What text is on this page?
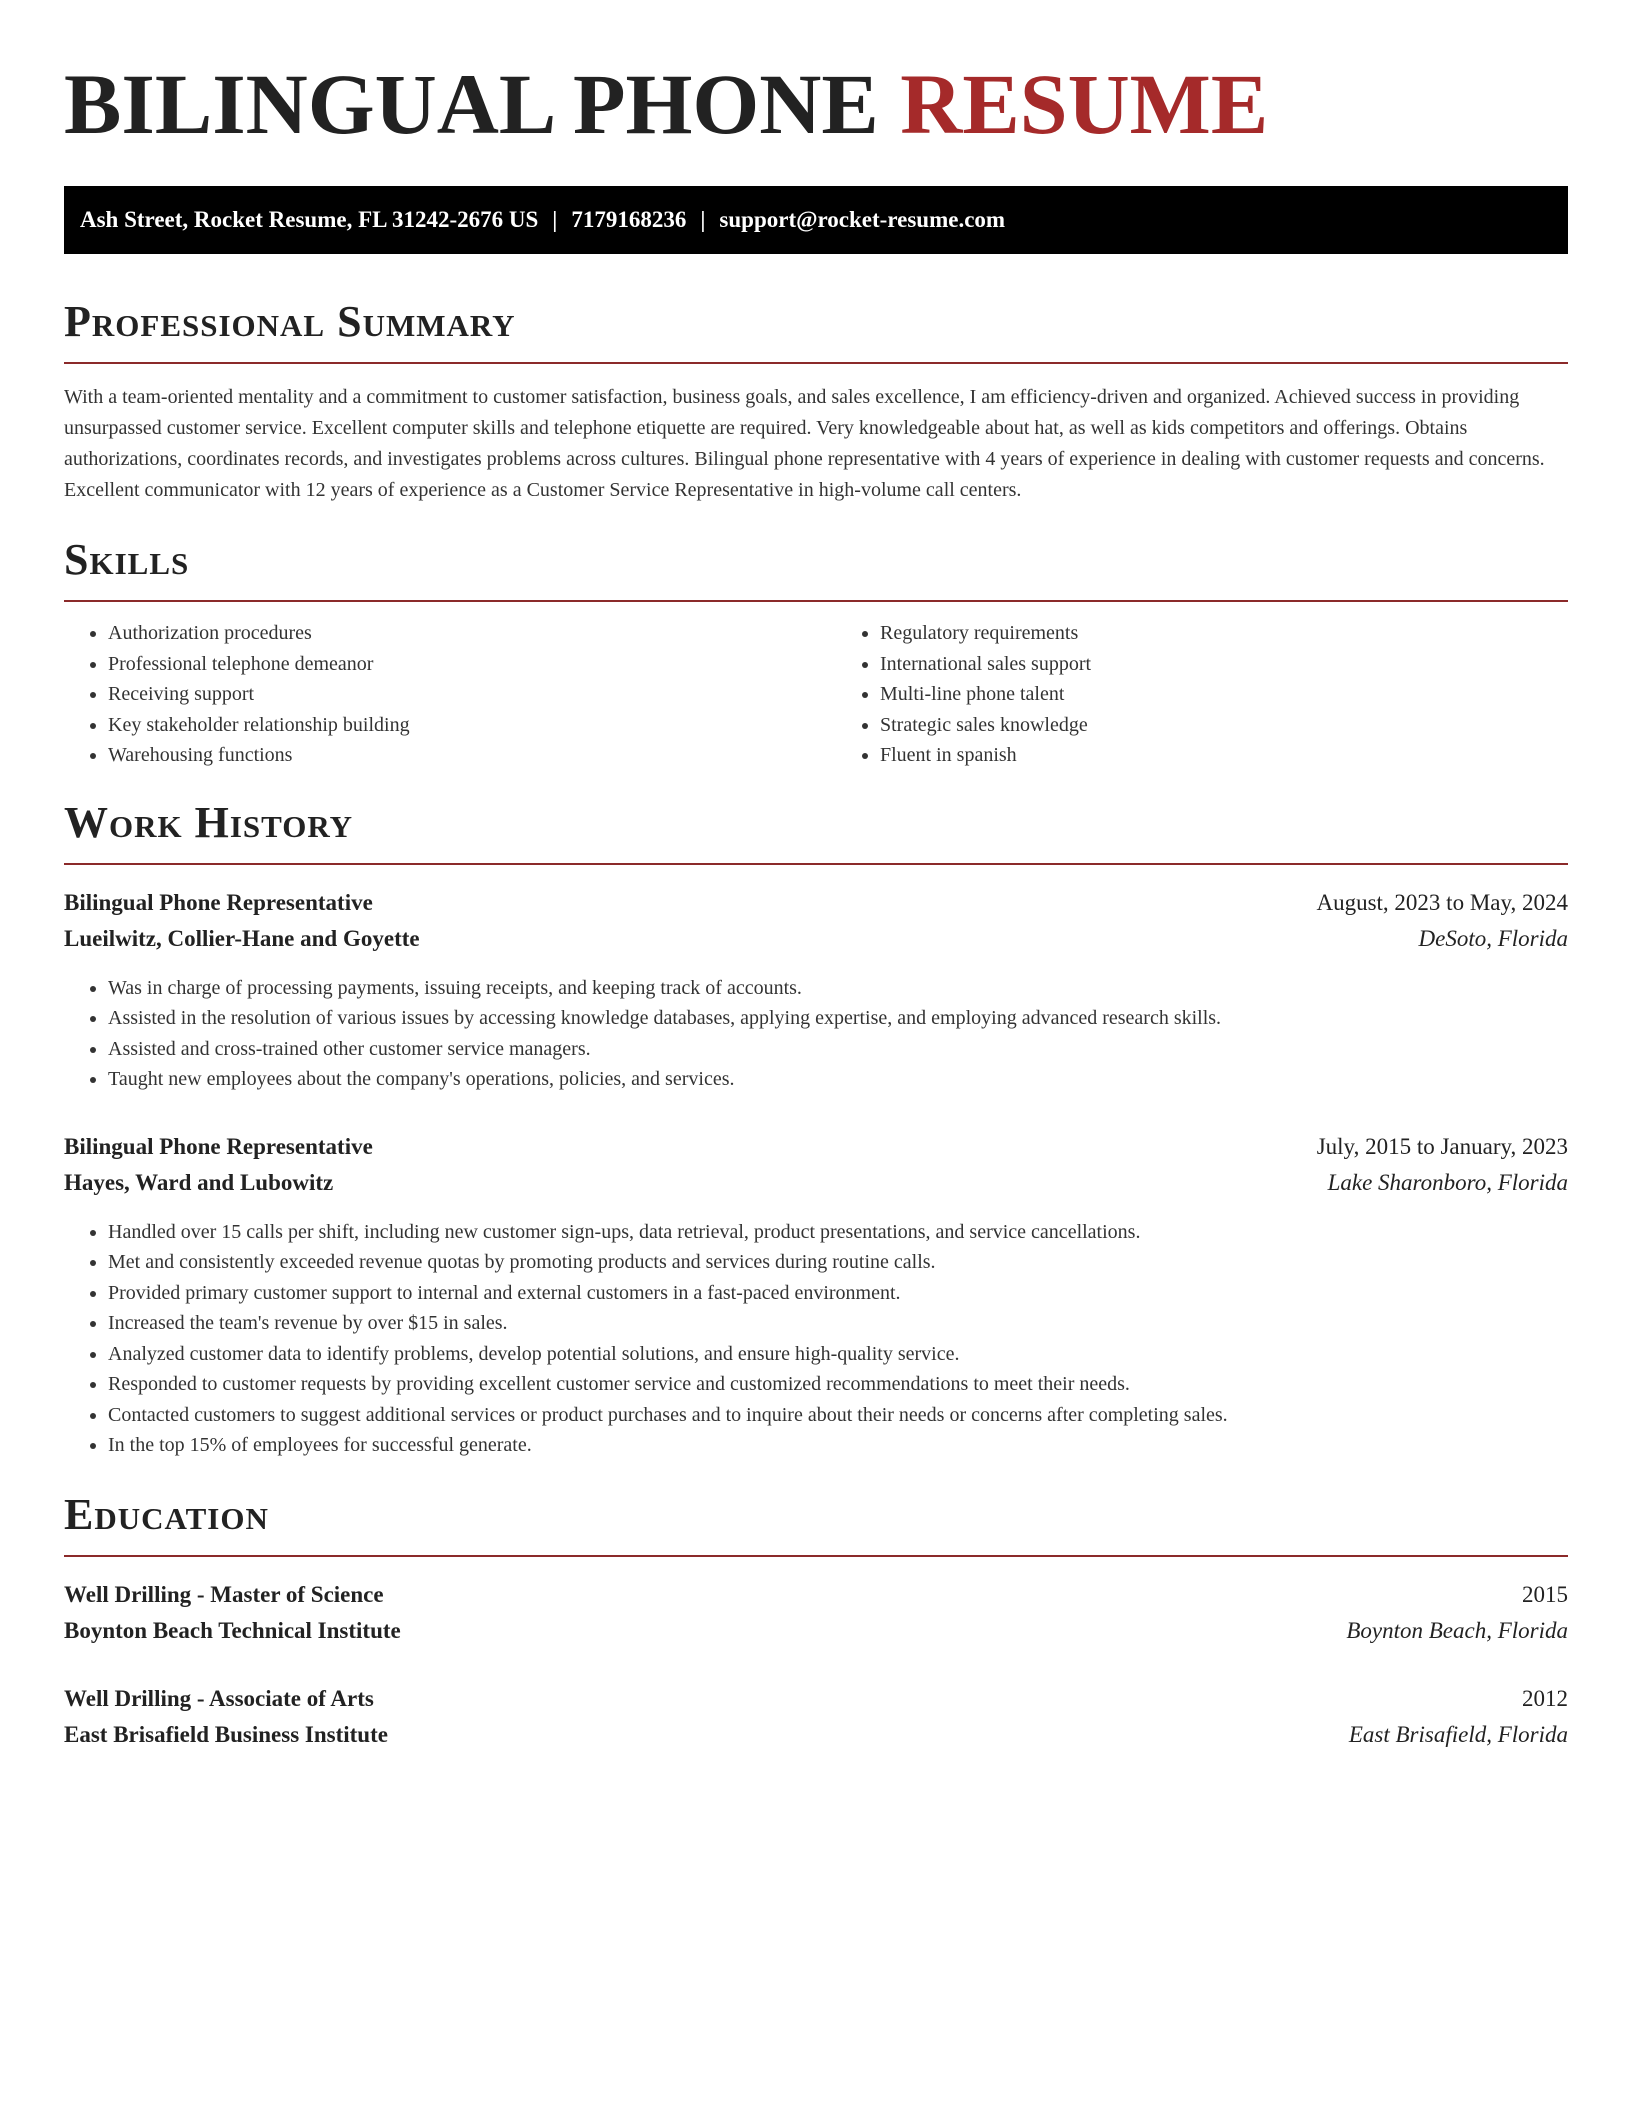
BILINGUAL PHONE RESUME
Ash Street, Rocket Resume, FL 31242-2676 US | 7179168236 | support@rocket-resume.com
Professional Summary

With a team-oriented mentality and a commitment to customer satisfaction, business goals, and sales excellence, I am efficiency-driven and organized. Achieved success in providing unsurpassed customer service. Excellent computer skills and telephone etiquette are required. Very knowledgeable about hat, as well as kids competitors and offerings. Obtains authorizations, coordinates records, and investigates problems across cultures. Bilingual phone representative with 4 years of experience in dealing with customer requests and concerns. Excellent communicator with 12 years of experience as a Customer Service Representative in high-volume call centers.

Skills
• Authorization procedures
• Professional telephone demeanor
• Receiving support
• Key stakeholder relationship building
• Warehousing functions
• Regulatory requirements
• International sales support
• Multi-line phone talent
• Strategic sales knowledge
• Fluent in spanish
Work History
Bilingual Phone Representative	August, 2023 to May, 2024
Lueilwitz, Collier-Hane and Goyette	DeSoto, Florida
• Was in charge of processing payments, issuing receipts, and keeping track of accounts.
• Assisted in the resolution of various issues by accessing knowledge databases, applying expertise, and employing advanced research skills.
• Assisted and cross-trained other customer service managers.
• Taught new employees about the company's operations, policies, and services.
Bilingual Phone Representative	July, 2015 to January, 2023
Hayes, Ward and Lubowitz	Lake Sharonboro, Florida
• Handled over 15 calls per shift, including new customer sign-ups, data retrieval, product presentations, and service cancellations.
• Met and consistently exceeded revenue quotas by promoting products and services during routine calls.
• Provided primary customer support to internal and external customers in a fast-paced environment.
• Increased the team's revenue by over $15 in sales.
• Analyzed customer data to identify problems, develop potential solutions, and ensure high-quality service.
• Responded to customer requests by providing excellent customer service and customized recommendations to meet their needs.
• Contacted customers to suggest additional services or product purchases and to inquire about their needs or concerns after completing sales.
• In the top 15% of employees for successful generate.
Education
Well Drilling - Master of Science	2015
Boynton Beach Technical Institute	Boynton Beach, Florida
Well Drilling - Associate of Arts	2012
East Brisafield Business Institute	East Brisafield, Florida
